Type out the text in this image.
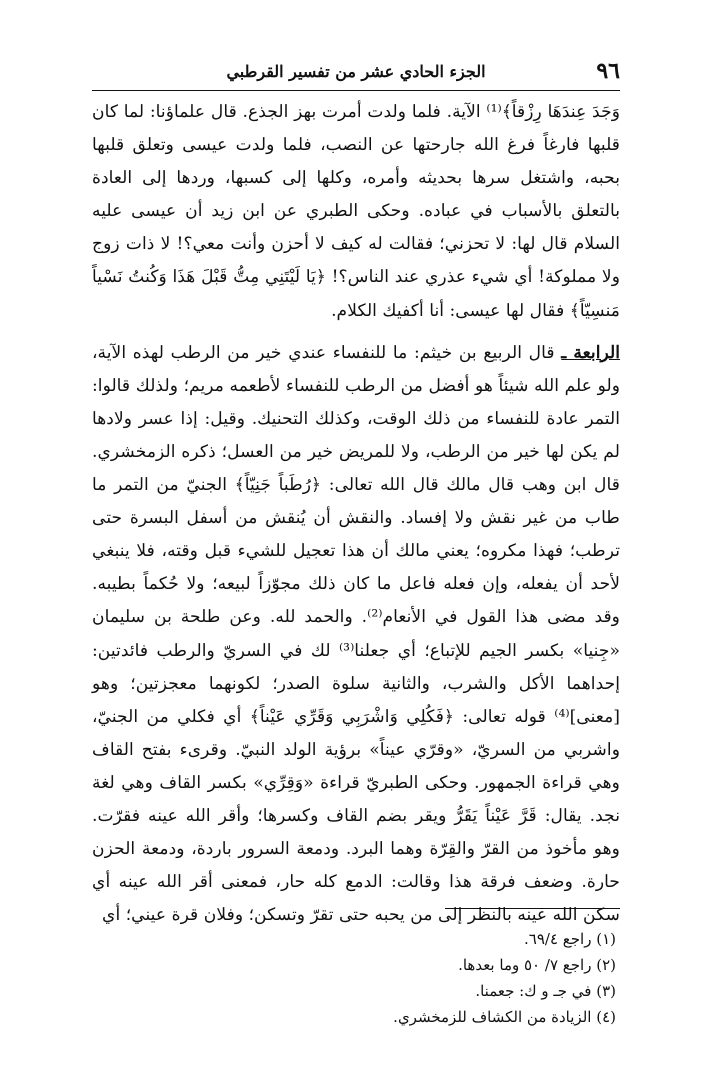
٩٦
الجزء الحادي عشر من تفسير القرطبي

وَجَدَ عِندَهَا رِزْقاً﴾⁽¹⁾ الآية. فلما ولدت أمرت بهز الجذع. قال علماؤنا: لما كان قلبها فارغاً فرغ الله جارحتها عن النصب، فلما ولدت عيسى وتعلق قلبها بحبه، واشتغل سرها بحديثه وأمره، وكلها إلى كسبها، وردها إلى العادة بالتعلق بالأسباب في عباده. وحكى الطبري عن ابن زيد أن عيسى عليه السلام قال لها: لا تحزني؛ فقالت له كيف لا أحزن وأنت معي؟! لا ذات زوج ولا مملوكة! أي شيء عذري عند الناس؟! ﴿يَا لَيْتَنِي مِتُّ قَبْلَ هَذَا وَكُنتُ نَسْياً مَنسِيّاً﴾ فقال لها عيسى: أنا أكفيك الكلام.

الرابعة ـ قال الربيع بن خيثم: ما للنفساء عندي خير من الرطب لهذه الآية، ولو علم الله شيئاً هو أفضل من الرطب للنفساء لأطعمه مريم؛ ولذلك قالوا: التمر عادة للنفساء من ذلك الوقت، وكذلك التحنيك. وقيل: إذا عسر ولادها لم يكن لها خير من الرطب، ولا للمريض خير من العسل؛ ذكره الزمخشري. قال ابن وهب قال مالك قال الله تعالى: ﴿رُطَباً جَنِيّاً﴾ الجنيّ من التمر ما طاب من غير نقش ولا إفساد. والنقش أن يُنقش من أسفل البسرة حتى ترطب؛ فهذا مكروه؛ يعني مالك أن هذا تعجيل للشيء قبل وقته، فلا ينبغي لأحد أن يفعله، وإن فعله فاعل ما كان ذلك مجوّزاً لبيعه؛ ولا حُكماً بطيبه. وقد مضى هذا القول في الأنعام⁽²⁾. والحمد لله. وعن طلحة بن سليمان «جِنيا» بكسر الجيم للإتباع؛ أي جعلنا⁽³⁾ لك في السريّ والرطب فائدتين: إحداهما الأكل والشرب، والثانية سلوة الصدر؛ لكونهما معجزتين؛ وهو [معنى]⁽⁴⁾ قوله تعالى: ﴿فَكُلِي وَاشْرَبِي وَقَرِّي عَيْناً﴾ أي فكلي من الجنيّ، واشربي من السريّ، «وقرّي عيناً» برؤية الولد النبيّ. وقرىء بفتح القاف وهي قراءة الجمهور. وحكى الطبريّ قراءة «وَقِرِّي» بكسر القاف وهي لغة نجد. يقال: قَرَّ عَيْناً يَقَرُّ ويقر بضم القاف وكسرها؛ وأقر الله عينه فقرّت. وهو مأخوذ من القرّ والقِرّة وهما البرد. ودمعة السرور باردة، ودمعة الحزن حارة. وضعف فرقة هذا وقالت: الدمع كله حار، فمعنى أقر الله عينه أي سكن الله عينه بالنظر إلى من يحبه حتى تقرّ وتسكن؛ وفلان قرة عيني؛ أي

(١) راجع ٦٩/٤.
(٢) راجع ٧/ ٥٠ وما بعدها.
(٣) في جـ و ك: جعمنا.
(٤) الزيادة من الكشاف للزمخشري.
